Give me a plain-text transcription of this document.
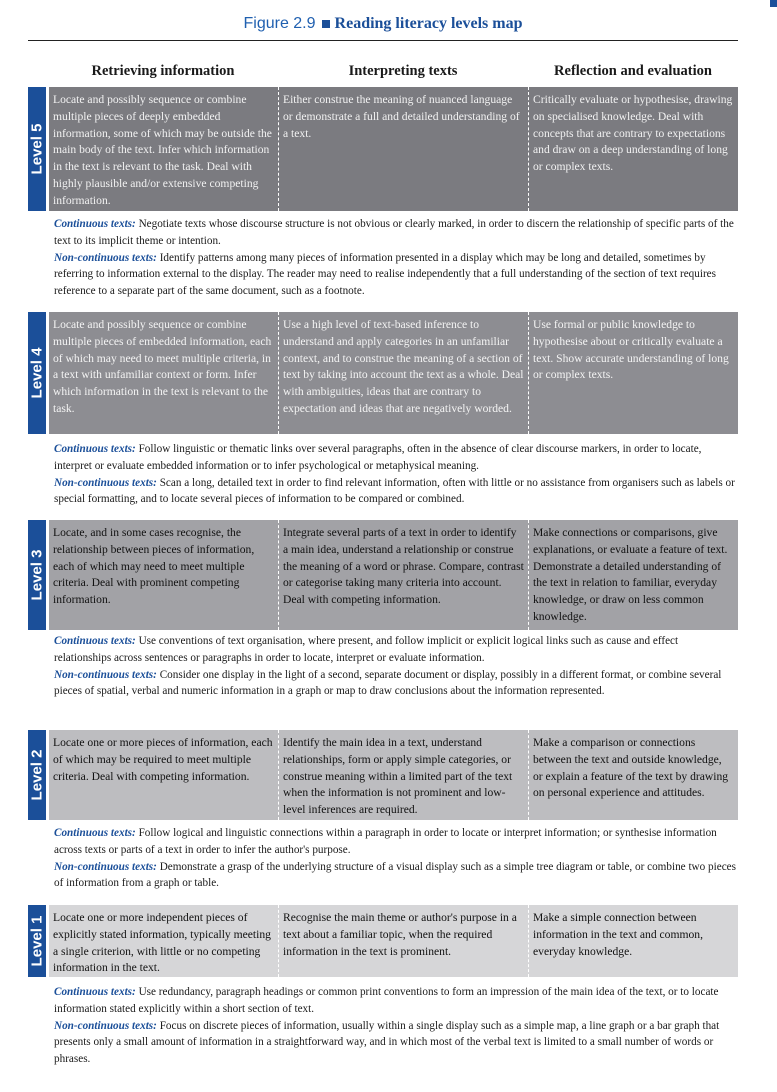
Figure 2.9 Reading literacy levels map
Retrieving information	Interpreting texts	Reflection and evaluation
Level 5
Locate and possibly sequence or combine multiple pieces of deeply embedded information, some of which may be outside the main body of the text. Infer which information in the text is relevant to the task. Deal with highly plausible and/or extensive competing information.
Either construe the meaning of nuanced language or demonstrate a full and detailed understanding of a text.
Critically evaluate or hypothesise, drawing on specialised knowledge. Deal with concepts that are contrary to expectations and draw on a deep understanding of long or complex texts.
Continuous texts: Negotiate texts whose discourse structure is not obvious or clearly marked, in order to discern the relationship of specific parts of the text to its implicit theme or intention.
Non-continuous texts: Identify patterns among many pieces of information presented in a display which may be long and detailed, sometimes by referring to information external to the display. The reader may need to realise independently that a full understanding of the section of text requires reference to a separate part of the same document, such as a footnote.
Level 4
Locate and possibly sequence or combine multiple pieces of embedded information, each of which may need to meet multiple criteria, in a text with unfamiliar context or form. Infer which information in the text is relevant to the task.
Use a high level of text-based inference to understand and apply categories in an unfamiliar context, and to construe the meaning of a section of text by taking into account the text as a whole. Deal with ambiguities, ideas that are contrary to expectation and ideas that are negatively worded.
Use formal or public knowledge to hypothesise about or critically evaluate a text. Show accurate understanding of long or complex texts.
Continuous texts: Follow linguistic or thematic links over several paragraphs, often in the absence of clear discourse markers, in order to locate, interpret or evaluate embedded information or to infer psychological or metaphysical meaning.
Non-continuous texts: Scan a long, detailed text in order to find relevant information, often with little or no assistance from organisers such as labels or special formatting, and to locate several pieces of information to be compared or combined.
Level 3
Locate, and in some cases recognise, the relationship between pieces of information, each of which may need to meet multiple criteria. Deal with prominent competing information.
Integrate several parts of a text in order to identify a main idea, understand a relationship or construe the meaning of a word or phrase. Compare, contrast or categorise taking many criteria into account. Deal with competing information.
Make connections or comparisons, give explanations, or evaluate a feature of text. Demonstrate a detailed understanding of the text in relation to familiar, everyday knowledge, or draw on less common knowledge.
Continuous texts: Use conventions of text organisation, where present, and follow implicit or explicit logical links such as cause and effect relationships across sentences or paragraphs in order to locate, interpret or evaluate information.
Non-continuous texts: Consider one display in the light of a second, separate document or display, possibly in a different format, or combine several pieces of spatial, verbal and numeric information in a graph or map to draw conclusions about the information represented.
Level 2
Locate one or more pieces of information, each of which may be required to meet multiple criteria. Deal with competing information.
Identify the main idea in a text, understand relationships, form or apply simple categories, or construe meaning within a limited part of the text when the information is not prominent and low-level inferences are required.
Make a comparison or connections between the text and outside knowledge, or explain a feature of the text by drawing on personal experience and attitudes.
Continuous texts: Follow logical and linguistic connections within a paragraph in order to locate or interpret information; or synthesise information across texts or parts of a text in order to infer the author's purpose.
Non-continuous texts: Demonstrate a grasp of the underlying structure of a visual display such as a simple tree diagram or table, or combine two pieces of information from a graph or table.
Level 1 Locate one or more independent pieces of explicitly stated information, typically meeting a single criterion, with little or no competing information in the text.
Recognise the main theme or author's purpose in a text about a familiar topic, when the required information in the text is prominent.
Make a simple connection between information in the text and common, everyday knowledge.
Continuous texts: Use redundancy, paragraph headings or common print conventions to form an impression of the main idea of the text, or to locate information stated explicitly within a short section of text.
Non-continuous texts: Focus on discrete pieces of information, usually within a single display such as a simple map, a line graph or a bar graph that presents only a small amount of information in a straightforward way, and in which most of the verbal text is limited to a small number of words or phrases.
